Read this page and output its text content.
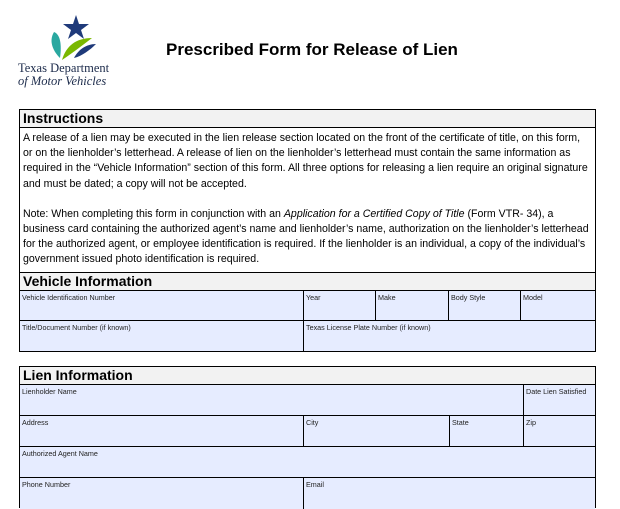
Texas Department
of Motor Vehicles
Prescribed Form for Release of Lien
Instructions

A release of a lien may be executed in the lien release section located on the front of the certificate of title, on this form, or on the lienholder’s letterhead. A release of lien on the lienholder’s letterhead must contain the same information as required in the “Vehicle Information” section of this form. All three options for releasing a lien require an original signature and must be dated; a copy will not be accepted.

Note: When completing this form in conjunction with an Application for a Certified Copy of Title (Form VTR- 34), a business card containing the authorized agent’s name and lienholder’s name, authorization on the lienholder’s letterhead for the authorized agent, or employee identification is required. If the lienholder is an individual, a copy of the individual’s government issued photo identification is required.

Vehicle Information
Vehicle Identification Number	Year	Make	Body Style	Model
Title/Document Number (if known)	Texas License Plate Number (if known)
Lien Information
Lienholder Name	Date Lien Satisfied
Address	City	State	Zip
Authorized Agent Name
Phone Number	Email
